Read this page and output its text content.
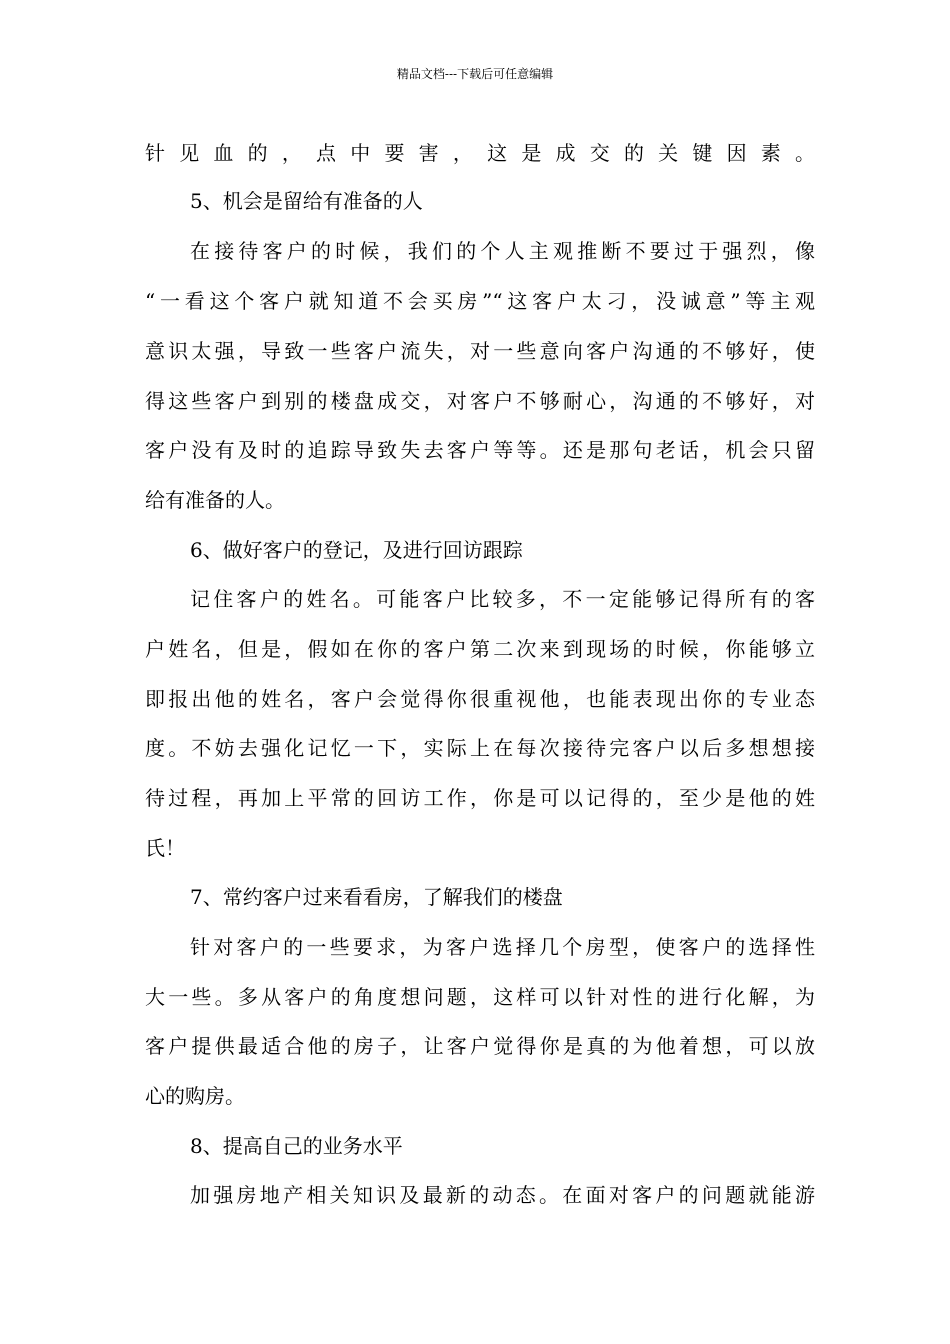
精品文档---下载后可任意编辑
针见血的，点中要害，这是成交的关键因素。
5、机会是留给有准备的人
在接待客户的时候，我们的个人主观推断不要过于强烈，像
“一看这个客户就知道不会买房”“这客户太刁，没诚意”等主观
意识太强，导致一些客户流失，对一些意向客户沟通的不够好，使
得这些客户到别的楼盘成交，对客户不够耐心，沟通的不够好，对
客户没有及时的追踪导致失去客户等等。还是那句老话，机会只留
给有准备的人。
6、做好客户的登记，及进行回访跟踪
记住客户的姓名。可能客户比较多，不一定能够记得所有的客
户姓名，但是，假如在你的客户第二次来到现场的时候，你能够立
即报出他的姓名，客户会觉得你很重视他，也能表现出你的专业态
度。不妨去强化记忆一下，实际上在每次接待完客户以后多想想接
待过程，再加上平常的回访工作，你是可以记得的，至少是他的姓
氏！
7、常约客户过来看看房，了解我们的楼盘
针对客户的一些要求，为客户选择几个房型，使客户的选择性
大一些。多从客户的角度想问题，这样可以针对性的进行化解，为
客户提供最适合他的房子，让客户觉得你是真的为他着想，可以放
心的购房。
8、提高自己的业务水平
加强房地产相关知识及最新的动态。在面对客户的问题就能游
